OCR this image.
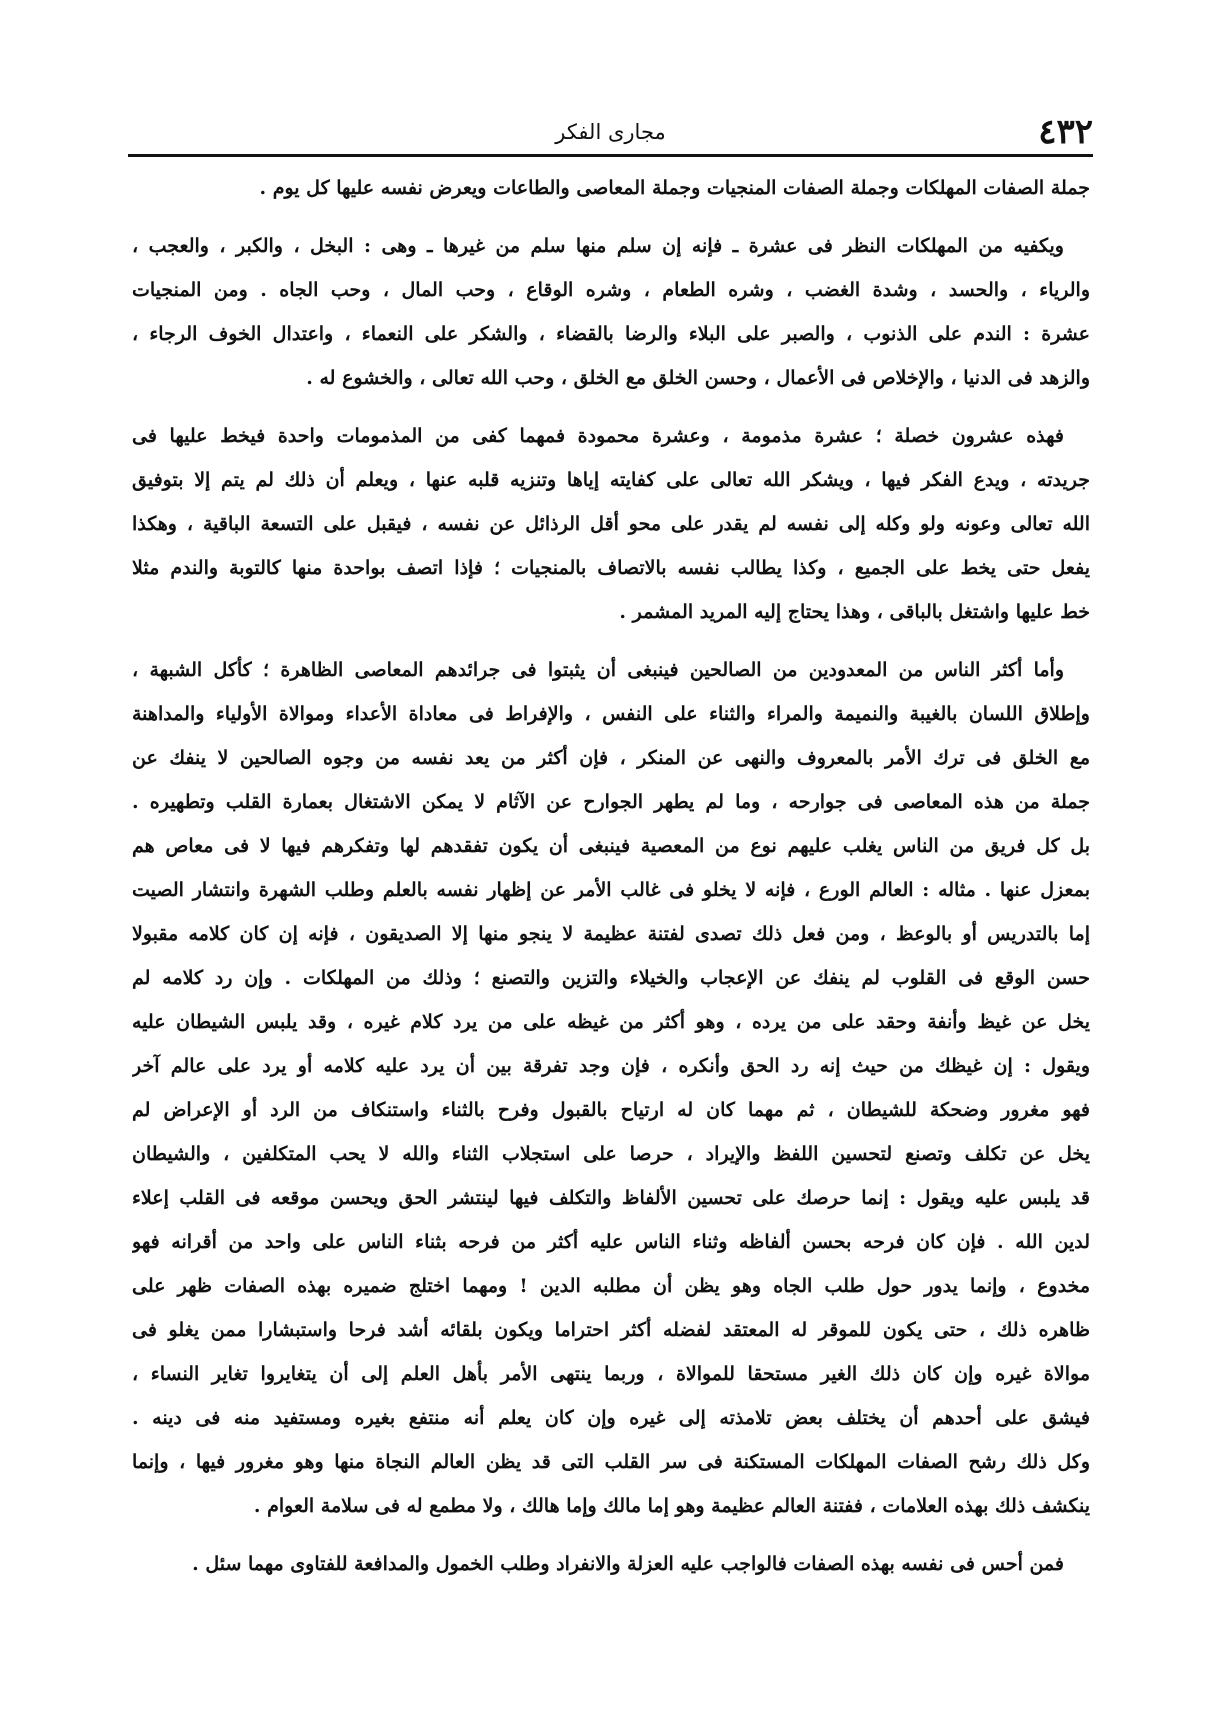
٤٣٢
مجارى الفكر
جملة الصفات المهلكات وجملة الصفات المنجيات وجملة المعاصى والطاعات ويعرض نفسه عليها كل يوم .
ويكفيه من المهلكات النظر فى عشرة ـ فإنه إن سلم منها سلم من غيرها ـ وهى : البخل ، والكبر ، والعجب ،
والرياء ، والحسد ، وشدة الغضب ، وشره الطعام ، وشره الوقاع ، وحب المال ، وحب الجاه . ومن المنجيات
عشرة : الندم على الذنوب ، والصبر على البلاء والرضا بالقضاء ، والشكر على النعماء ، واعتدال الخوف الرجاء ،
والزهد فى الدنيا ، والإخلاص فى الأعمال ، وحسن الخلق مع الخلق ، وحب الله تعالى ، والخشوع له .
فهذه عشرون خصلة ؛ عشرة مذمومة ، وعشرة محمودة فمهما كفى من المذمومات واحدة فيخط عليها فى
جريدته ، ويدع الفكر فيها ، ويشكر الله تعالى على كفايته إياها وتنزيه قلبه عنها ، ويعلم أن ذلك لم يتم إلا بتوفيق
الله تعالى وعونه ولو وكله إلى نفسه لم يقدر على محو أقل الرذائل عن نفسه ، فيقبل على التسعة الباقية ، وهكذا
يفعل حتى يخط على الجميع ، وكذا يطالب نفسه بالاتصاف بالمنجيات ؛ فإذا اتصف بواحدة منها كالتوبة والندم مثلا
خط عليها واشتغل بالباقى ، وهذا يحتاج إليه المريد المشمر .
وأما أكثر الناس من المعدودين من الصالحين فينبغى أن يثبتوا فى جرائدهم المعاصى الظاهرة ؛ كأكل الشبهة ،
وإطلاق اللسان بالغيبة والنميمة والمراء والثناء على النفس ، والإفراط فى معاداة الأعداء وموالاة الأولياء والمداهنة
مع الخلق فى ترك الأمر بالمعروف والنهى عن المنكر ، فإن أكثر من يعد نفسه من وجوه الصالحين لا ينفك عن
جملة من هذه المعاصى فى جوارحه ، وما لم يطهر الجوارح عن الآثام لا يمكن الاشتغال بعمارة القلب وتطهيره .
بل كل فريق من الناس يغلب عليهم نوع من المعصية فينبغى أن يكون تفقدهم لها وتفكرهم فيها لا فى معاص هم
بمعزل عنها . مثاله : العالم الورع ، فإنه لا يخلو فى غالب الأمر عن إظهار نفسه بالعلم وطلب الشهرة وانتشار الصيت
إما بالتدريس أو بالوعظ ، ومن فعل ذلك تصدى لفتنة عظيمة لا ينجو منها إلا الصديقون ، فإنه إن كان كلامه مقبولا
حسن الوقع فى القلوب لم ينفك عن الإعجاب والخيلاء والتزين والتصنع ؛ وذلك من المهلكات . وإن رد كلامه لم
يخل عن غيظ وأنفة وحقد على من يرده ، وهو أكثر من غيظه على من يرد كلام غيره ، وقد يلبس الشيطان عليه
ويقول : إن غيظك من حيث إنه رد الحق وأنكره ، فإن وجد تفرقة بين أن يرد عليه كلامه أو يرد على عالم آخر
فهو مغرور وضحكة للشيطان ، ثم مهما كان له ارتياح بالقبول وفرح بالثناء واستنكاف من الرد أو الإعراض لم
يخل عن تكلف وتصنع لتحسين اللفظ والإيراد ، حرصا على استجلاب الثناء والله لا يحب المتكلفين ، والشيطان
قد يلبس عليه ويقول : إنما حرصك على تحسين الألفاظ والتكلف فيها لينتشر الحق ويحسن موقعه فى القلب إعلاء
لدين الله . فإن كان فرحه بحسن ألفاظه وثناء الناس عليه أكثر من فرحه بثناء الناس على واحد من أقرانه فهو
مخدوع ، وإنما يدور حول طلب الجاه وهو يظن أن مطلبه الدين ! ومهما اختلج ضميره بهذه الصفات ظهر على
ظاهره ذلك ، حتى يكون للموقر له المعتقد لفضله أكثر احتراما ويكون بلقائه أشد فرحا واستبشارا ممن يغلو فى
موالاة غيره وإن كان ذلك الغير مستحقا للموالاة ، وربما ينتهى الأمر بأهل العلم إلى أن يتغايروا تغاير النساء ،
فيشق على أحدهم أن يختلف بعض تلامذته إلى غيره وإن كان يعلم أنه منتفع بغيره ومستفيد منه فى دينه .
وكل ذلك رشح الصفات المهلكات المستكنة فى سر القلب التى قد يظن العالم النجاة منها وهو مغرور فيها ، وإنما
ينكشف ذلك بهذه العلامات ، ففتنة العالم عظيمة وهو إما مالك وإما هالك ، ولا مطمع له فى سلامة العوام .
فمن أحس فى نفسه بهذه الصفات فالواجب عليه العزلة والانفراد وطلب الخمول والمدافعة للفتاوى مهما سئل .
